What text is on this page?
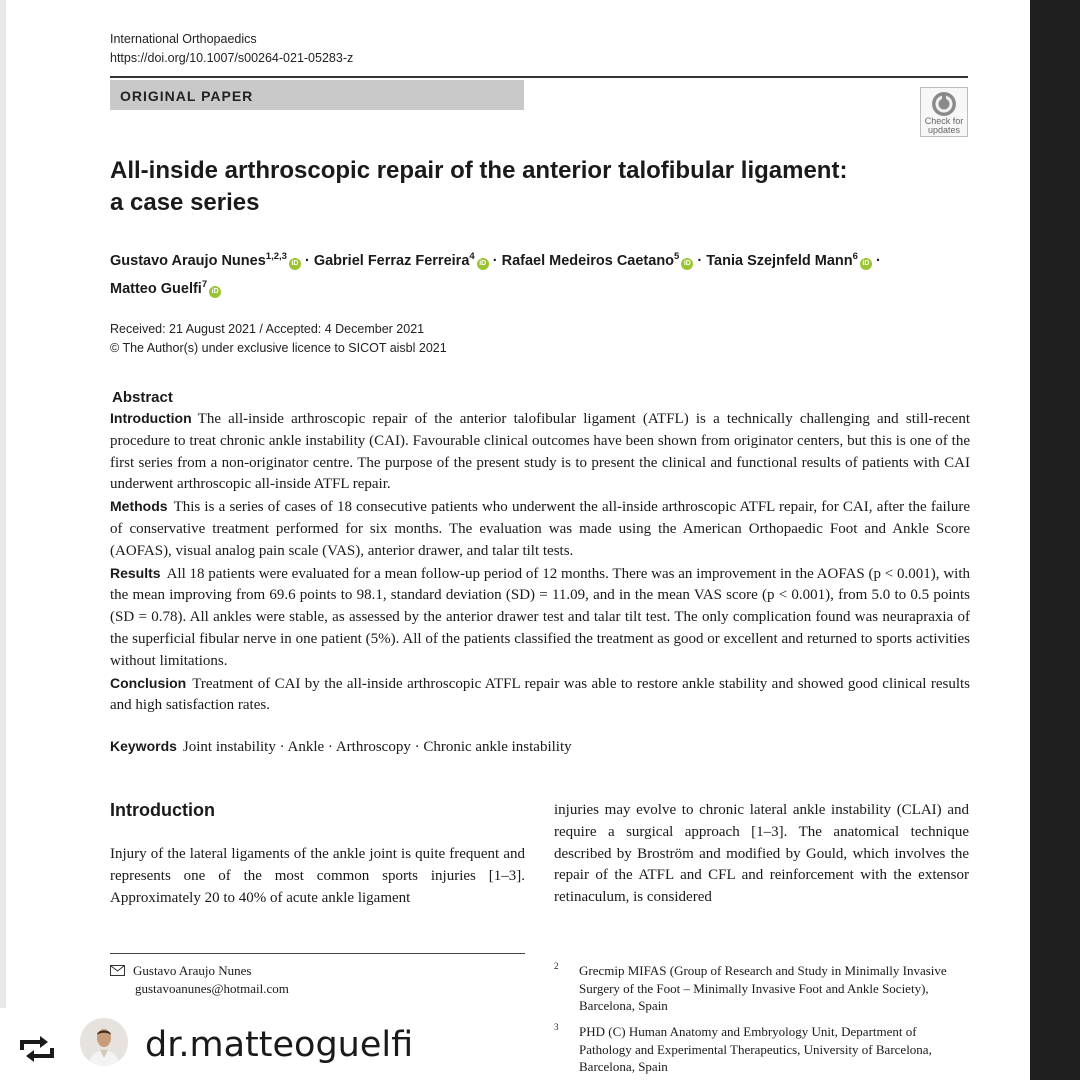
International Orthopaedics
https://doi.org/10.1007/s00264-021-05283-z
ORIGINAL PAPER
Check for
updates
All-inside arthroscopic repair of the anterior talofibular ligament:
a case series
Gustavo Araujo Nunes$^{1,2,3}$iD · Gabriel Ferraz Ferreira$^4$iD · Rafael Medeiros Caetano$^5$iD · Tania Szejnfeld Mann$^6$iD ·
Matteo Guelfi$^7$iD
Received: 21 August 2021 / Accepted: 4 December 2021
© The Author(s) under exclusive licence to SICOT aisbl 2021
Abstract

Introduction The all-inside arthroscopic repair of the anterior talofibular ligament (ATFL) is a technically challenging and still-recent procedure to treat chronic ankle instability (CAI). Favourable clinical outcomes have been shown from originator centers, but this is one of the first series from a non-originator centre. The purpose of the present study is to present the clinical and functional results of patients with CAI underwent arthroscopic all-inside ATFL repair.

Methods This is a series of cases of 18 consecutive patients who underwent the all-inside arthroscopic ATFL repair, for CAI, after the failure of conservative treatment performed for six months. The evaluation was made using the American Orthopaedic Foot and Ankle Score (AOFAS), visual analog pain scale (VAS), anterior drawer, and talar tilt tests.

Results All 18 patients were evaluated for a mean follow-up period of 12 months. There was an improvement in the AOFAS (p < 0.001), with the mean improving from 69.6 points to 98.1, standard deviation (SD) = 11.09, and in the mean VAS score (p < 0.001), from 5.0 to 0.5 points (SD = 0.78). All ankles were stable, as assessed by the anterior drawer test and talar tilt test. The only complication found was neurapraxia of the superficial fibular nerve in one patient (5%). All of the patients classified the treatment as good or excellent and returned to sports activities without limitations.

Conclusion Treatment of CAI by the all-inside arthroscopic ATFL repair was able to restore ankle stability and showed good clinical results and high satisfaction rates.

Keywords Joint instability · Ankle · Arthroscopy · Chronic ankle instability
Introduction

Injury of the lateral ligaments of the ankle joint is quite frequent and represents one of the most common sports injuries [1–3]. Approximately 20 to 40% of acute ankle ligament

injuries may evolve to chronic lateral ankle instability (CLAI) and require a surgical approach [1–3]. The anatomical technique described by Broström and modified by Gould, which involves the repair of the ATFL and CFL and reinforcement with the extensor retinaculum, is considered

Gustavo Araujo Nunes
gustavoanunes@hotmail.com
2 Grecmip MIFAS (Group of Research and Study in Minimally Invasive Surgery of the Foot – Minimally Invasive Foot and Ankle Society), Barcelona, Spain
3 PHD (C) Human Anatomy and Embryology Unit, Department of Pathology and Experimental Therapeutics, University of Barcelona, Barcelona, Spain
dr.matteoguelfi
